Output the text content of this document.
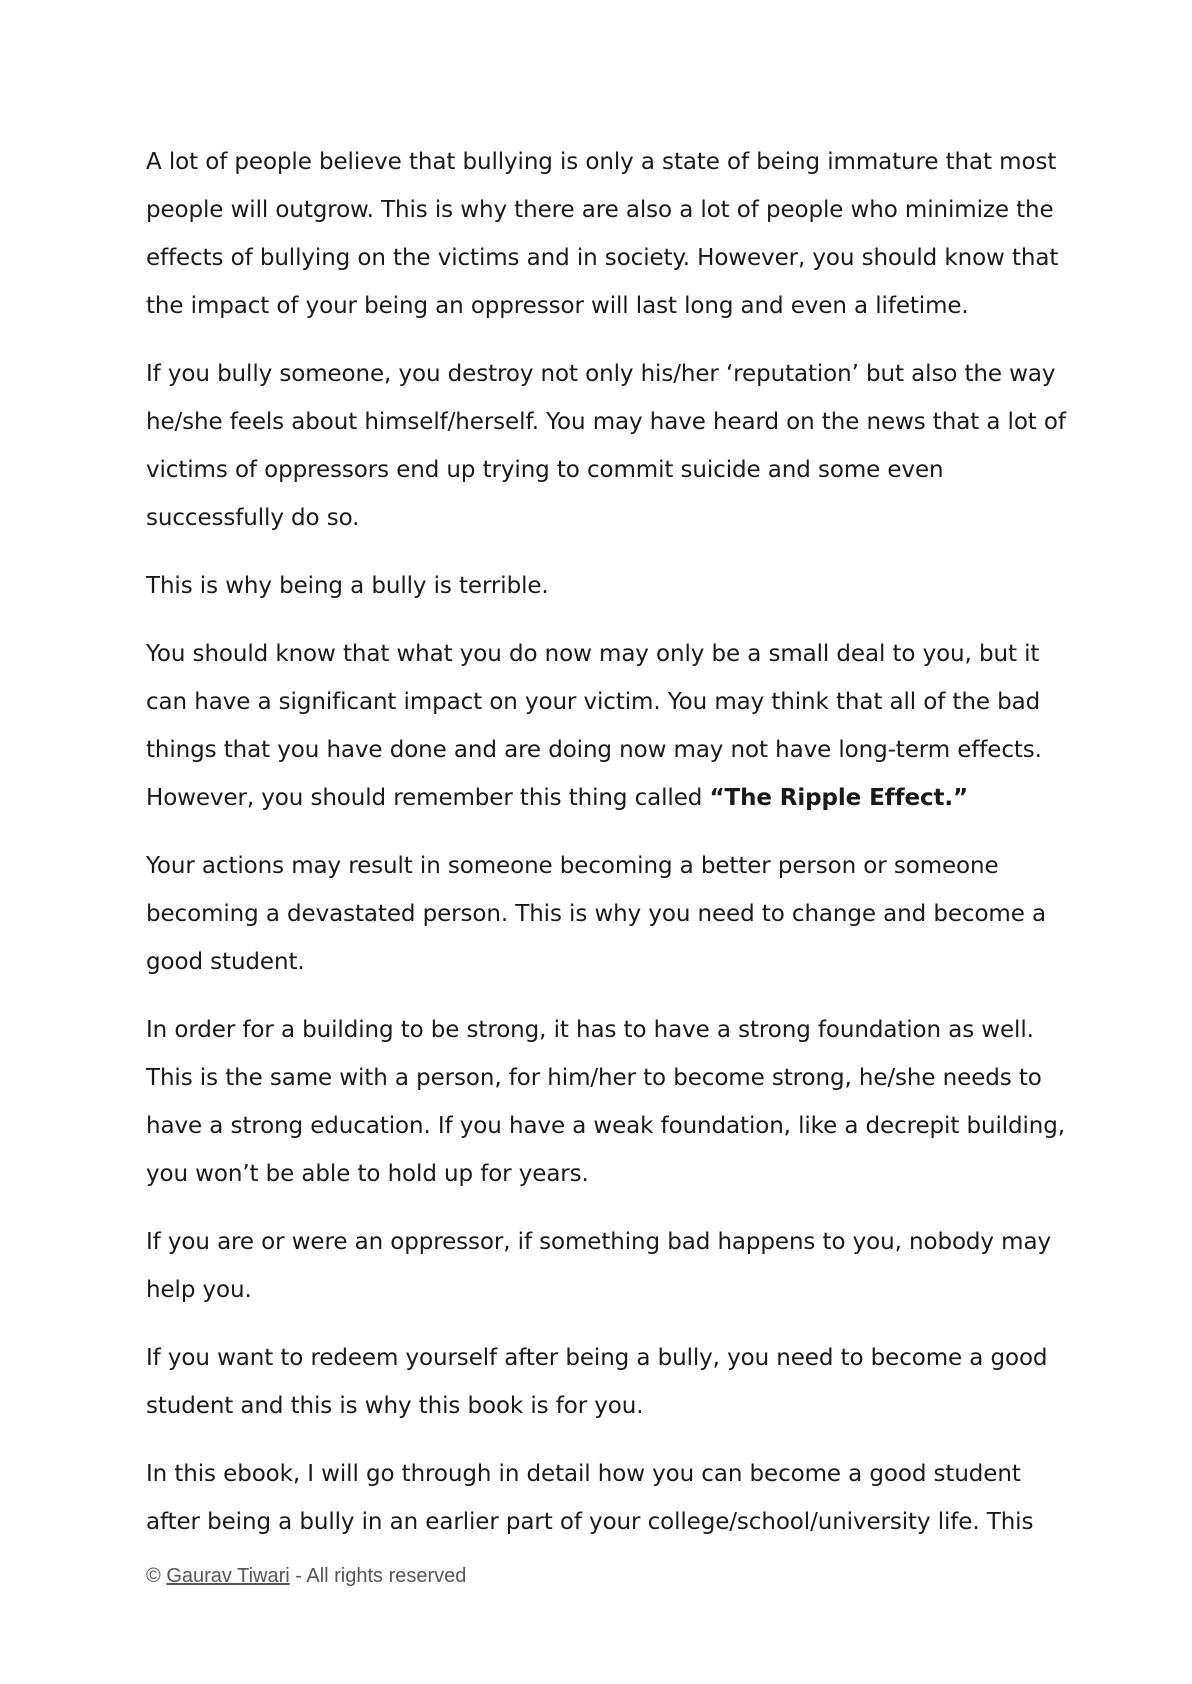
A lot of people believe that bullying is only a state of being immature that most people will outgrow. This is why there are also a lot of people who minimize the effects of bullying on the victims and in society. However, you should know that the impact of your being an oppressor will last long and even a lifetime.

If you bully someone, you destroy not only his/her ‘reputation’ but also the way he/she feels about himself/herself. You may have heard on the news that a lot of victims of oppressors end up trying to commit suicide and some even successfully do so.

This is why being a bully is terrible.

You should know that what you do now may only be a small deal to you, but it can have a significant impact on your victim. You may think that all of the bad things that you have done and are doing now may not have long-term effects. However, you should remember this thing called “The Ripple Effect.”

Your actions may result in someone becoming a better person or someone becoming a devastated person. This is why you need to change and become a good student.

In order for a building to be strong, it has to have a strong foundation as well. This is the same with a person, for him/her to become strong, he/she needs to have a strong education. If you have a weak foundation, like a decrepit building, you won’t be able to hold up for years.

If you are or were an oppressor, if something bad happens to you, nobody may help you.

If you want to redeem yourself after being a bully, you need to become a good student and this is why this book is for you.

In this ebook, I will go through in detail how you can become a good student after being a bully in an earlier part of your college/school/university life. This

© Gaurav Tiwari - All rights reserved
